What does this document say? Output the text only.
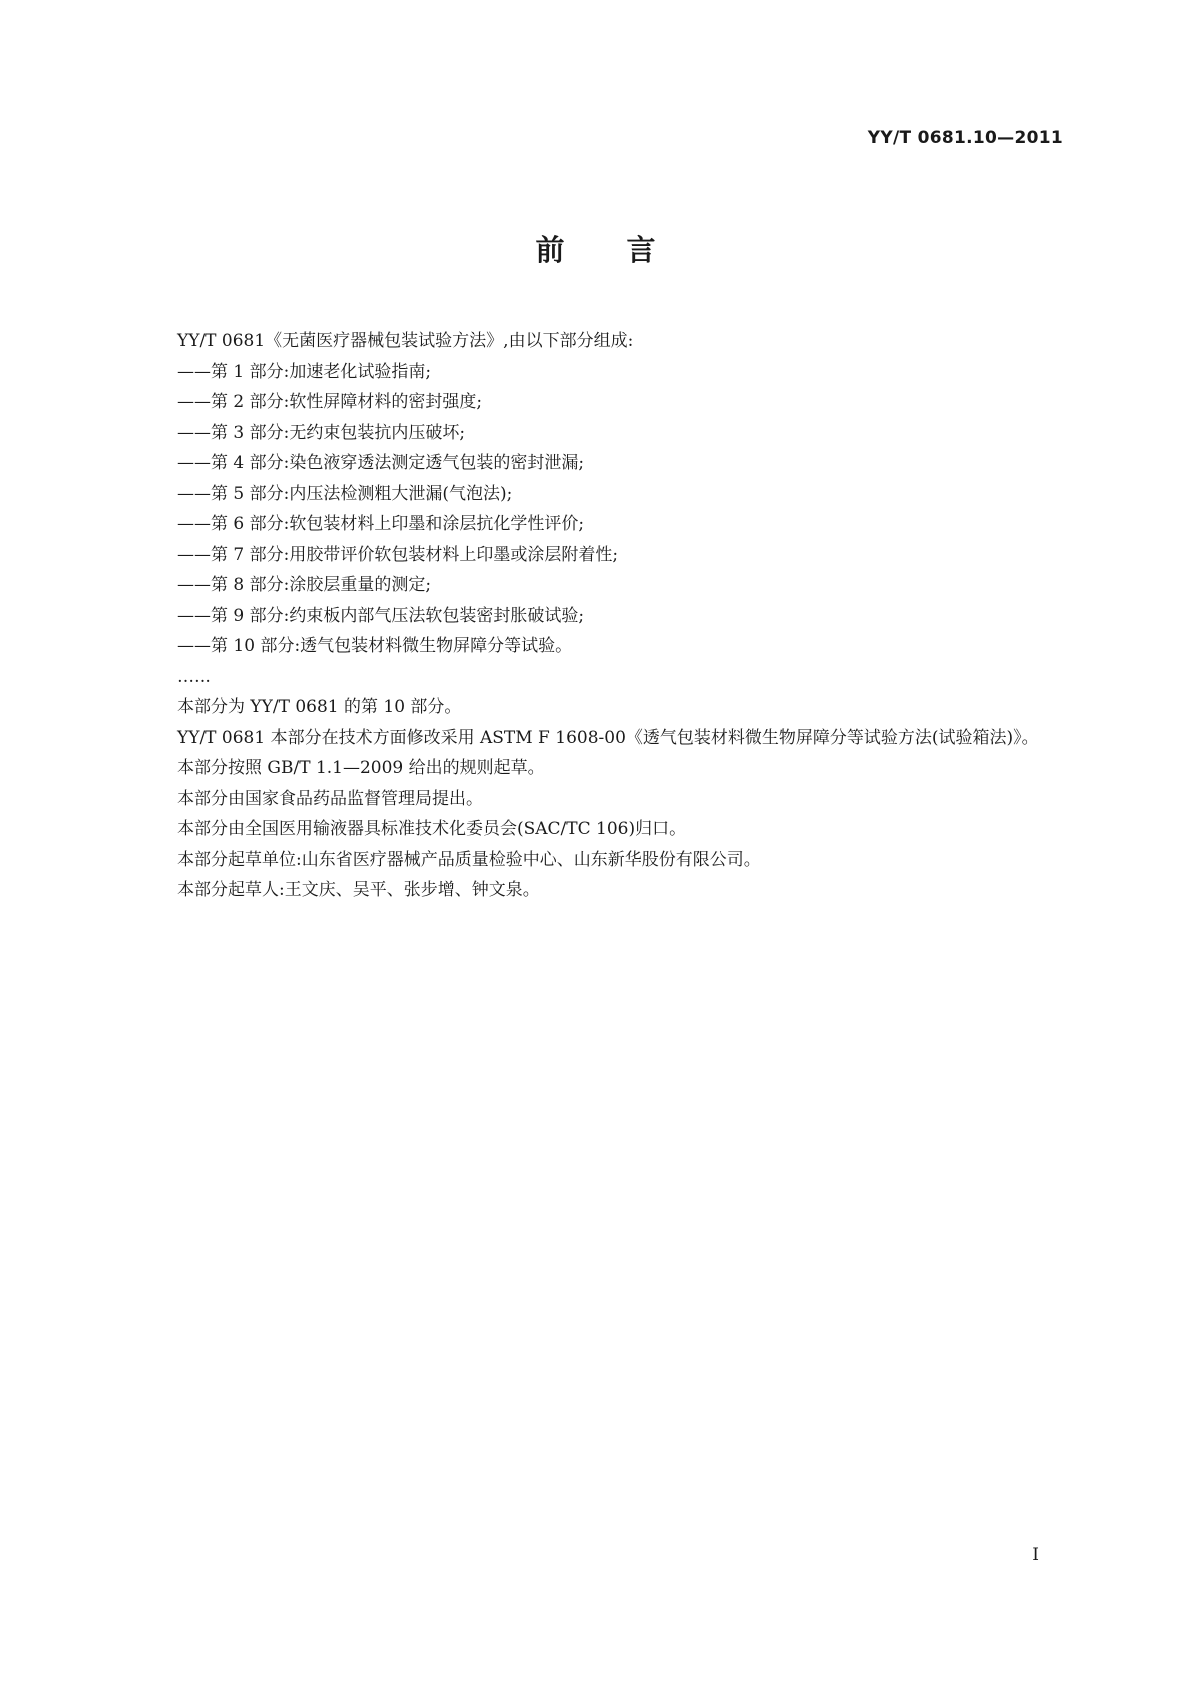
YY/T 0681.10—2011
前言

YY/T 0681《无菌医疗器械包装试验方法》,由以下部分组成:

——第 1 部分:加速老化试验指南;

——第 2 部分:软性屏障材料的密封强度;

——第 3 部分:无约束包装抗内压破坏;

——第 4 部分:染色液穿透法测定透气包装的密封泄漏;

——第 5 部分:内压法检测粗大泄漏(气泡法);

——第 6 部分:软包装材料上印墨和涂层抗化学性评价;

——第 7 部分:用胶带评价软包装材料上印墨或涂层附着性;

——第 8 部分:涂胶层重量的测定;

——第 9 部分:约束板内部气压法软包装密封胀破试验;

——第 10 部分:透气包装材料微生物屏障分等试验。

……

本部分为 YY/T 0681 的第 10 部分。

YY/T 0681 本部分在技术方面修改采用 ASTM F 1608-00《透气包装材料微生物屏障分等试验方法(试验箱法)》。

本部分按照 GB/T 1.1—2009 给出的规则起草。

本部分由国家食品药品监督管理局提出。

本部分由全国医用输液器具标准技术化委员会(SAC/TC 106)归口。

本部分起草单位:山东省医疗器械产品质量检验中心、山东新华股份有限公司。

本部分起草人:王文庆、吴平、张步增、钟文泉。

I
